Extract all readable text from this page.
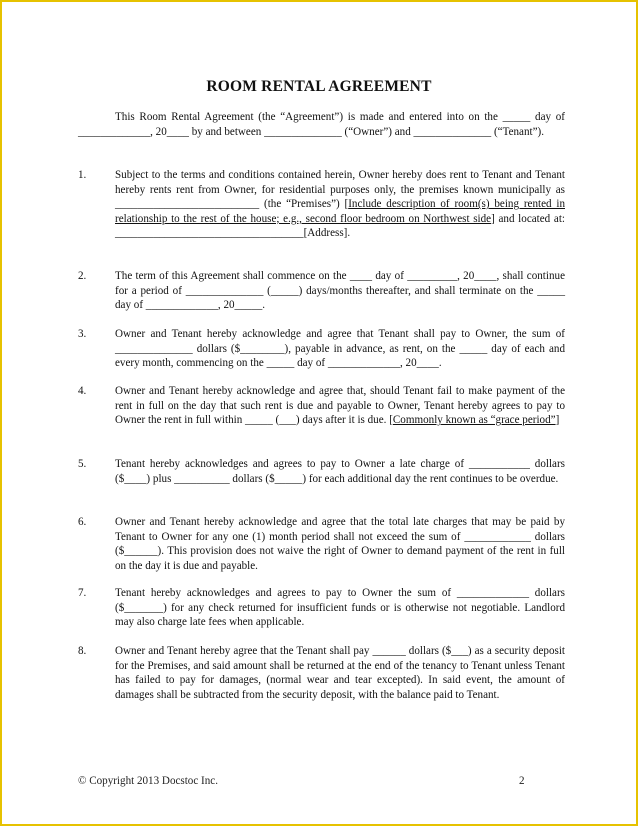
ROOM RENTAL AGREEMENT

This Room Rental Agreement (the “Agreement”) is made and entered into on the _____ day of _____________, 20____ by and between ______________ (“Owner”) and ______________ (“Tenant”).

1.	Subject to the terms and conditions contained herein, Owner hereby does rent to Tenant and Tenant hereby rents rent from Owner, for residential purposes only, the premises known municipally as __________________________ (the “Premises”) [Include description of room(s) being rented in relationship to the rest of the house; e.g., second floor bedroom on Northwest side] and located at: __________________________________[Address].
2.	The term of this Agreement shall commence on the ____ day of _________, 20____, shall continue for a period of ______________ (_____) days/months thereafter, and shall terminate on the _____ day of _____________, 20_____.
3.	Owner and Tenant hereby acknowledge and agree that Tenant shall pay to Owner, the sum of ______________ dollars ($________), payable in advance, as rent, on the _____ day of each and every month, commencing on the _____ day of _____________, 20____.
4.	Owner and Tenant hereby acknowledge and agree that, should Tenant fail to make payment of the rent in full on the day that such rent is due and payable to Owner, Tenant hereby agrees to pay to Owner the rent in full within _____ (___) days after it is due. [Commonly known as “grace period”]
5.	Tenant hereby acknowledges and agrees to pay to Owner a late charge of ___________ dollars ($____) plus __________ dollars ($_____) for each additional day the rent continues to be overdue.
6.	Owner and Tenant hereby acknowledge and agree that the total late charges that may be paid by Tenant to Owner for any one (1) month period shall not exceed the sum of ____________ dollars ($______). This provision does not waive the right of Owner to demand payment of the rent in full on the day it is due and payable.
7.	Tenant hereby acknowledges and agrees to pay to Owner the sum of _____________ dollars ($_______) for any check returned for insufficient funds or is otherwise not negotiable. Landlord may also charge late fees when applicable.
8.	Owner and Tenant hereby agree that the Tenant shall pay ______ dollars ($___) as a security deposit for the Premises, and said amount shall be returned at the end of the tenancy to Tenant unless Tenant has failed to pay for damages, (normal wear and tear excepted). In said event, the amount of damages shall be subtracted from the security deposit, with the balance paid to Tenant.
© Copyright 2013 Docstoc Inc.	2
